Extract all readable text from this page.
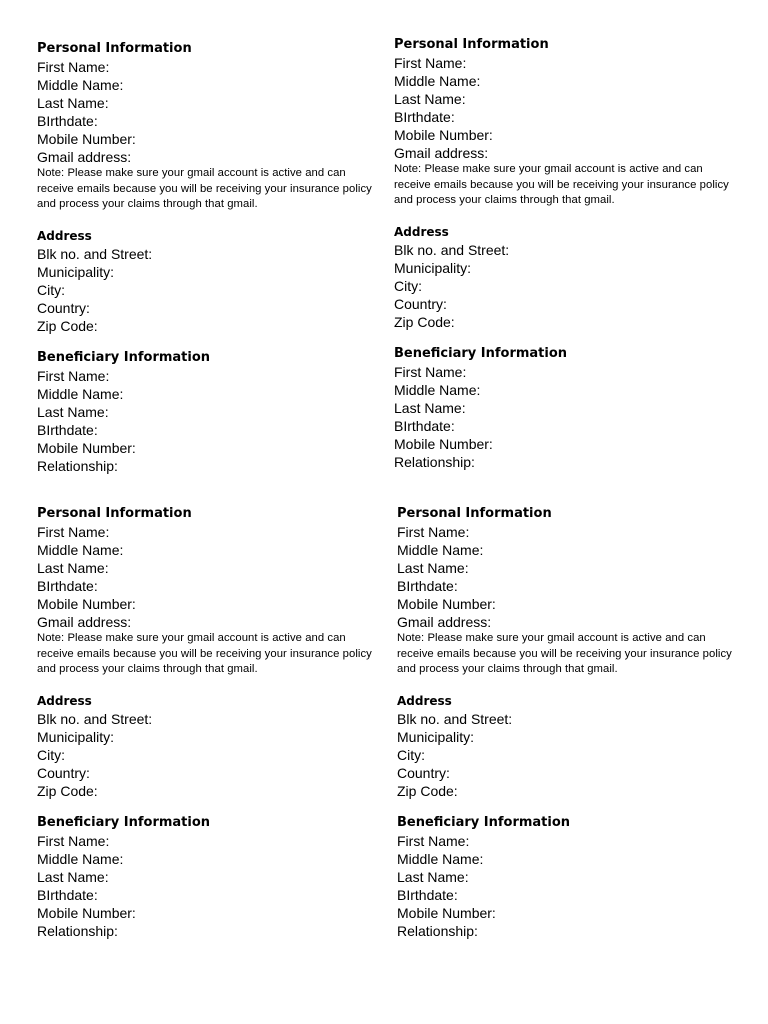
Personal Information
First Name:
Middle Name:
Last Name:
BIrthdate:
Mobile Number:
Gmail address:
Note: Please make sure your gmail account is active and can receive emails because you will be receiving your insurance policy and process your claims through that gmail.
Address
Blk no. and Street:
Municipality:
City:
Country:
Zip Code:
Beneficiary Information
First Name:
Middle Name:
Last Name:
BIrthdate:
Mobile Number:
Relationship:
Personal Information
First Name:
Middle Name:
Last Name:
BIrthdate:
Mobile Number:
Gmail address:
Note: Please make sure your gmail account is active and can receive emails because you will be receiving your insurance policy and process your claims through that gmail.
Address
Blk no. and Street:
Municipality:
City:
Country:
Zip Code:
Beneficiary Information
First Name:
Middle Name:
Last Name:
BIrthdate:
Mobile Number:
Relationship:
Personal Information
First Name:
Middle Name:
Last Name:
BIrthdate:
Mobile Number:
Gmail address:
Note: Please make sure your gmail account is active and can receive emails because you will be receiving your insurance policy and process your claims through that gmail.
Address
Blk no. and Street:
Municipality:
City:
Country:
Zip Code:
Beneficiary Information
First Name:
Middle Name:
Last Name:
BIrthdate:
Mobile Number:
Relationship:
Personal Information
First Name:
Middle Name:
Last Name:
BIrthdate:
Mobile Number:
Gmail address:
Note: Please make sure your gmail account is active and can receive emails because you will be receiving your insurance policy and process your claims through that gmail.
Address
Blk no. and Street:
Municipality:
City:
Country:
Zip Code:
Beneficiary Information
First Name:
Middle Name:
Last Name:
BIrthdate:
Mobile Number:
Relationship:
